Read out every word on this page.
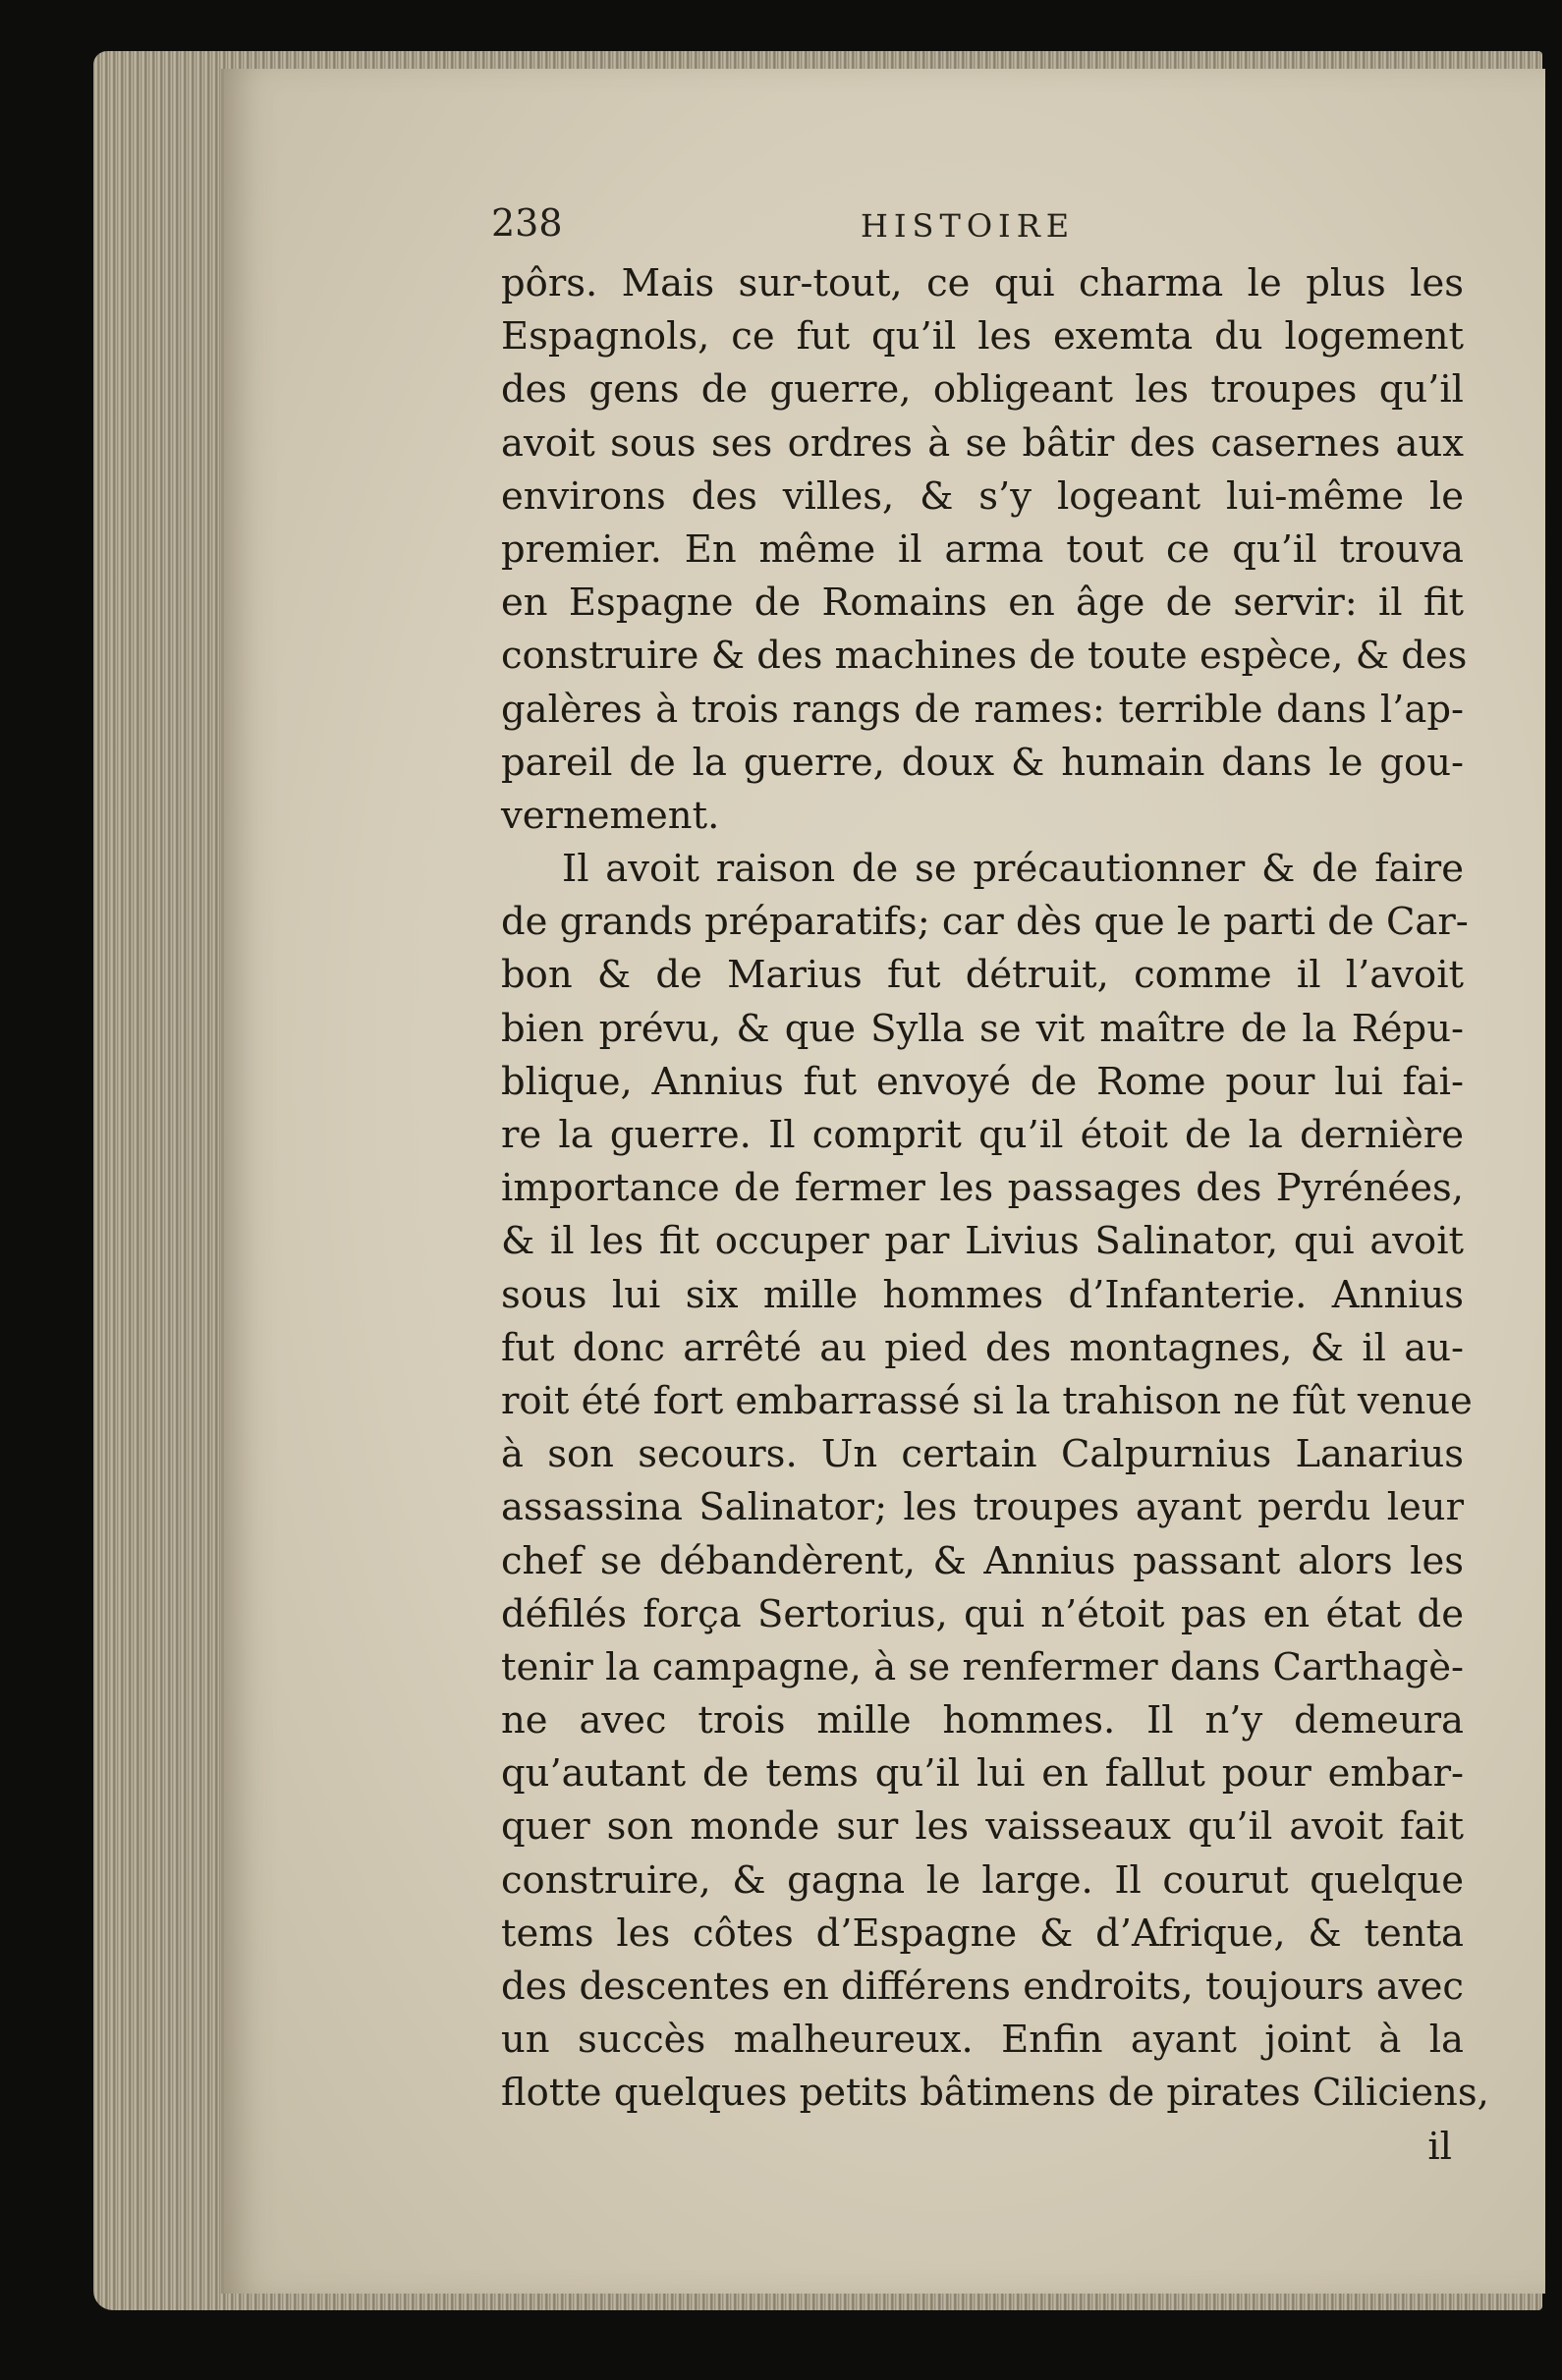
238	HISTOIRE
pôrs. Mais sur-tout, ce qui charma le plus les
Espagnols, ce fut qu’il les exemta du logement
des gens de guerre, obligeant les troupes qu’il
avoit sous ses ordres à se bâtir des casernes aux
environs des villes, & s’y logeant lui-même le
premier. En même il arma tout ce qu’il trouva
en Espagne de Romains en âge de servir: il fit
construire & des machines de toute espèce, & des
galères à trois rangs de rames: terrible dans l’ap-
pareil de la guerre, doux & humain dans le gou-
vernement.
Il avoit raison de se précautionner & de faire
de grands préparatifs; car dès que le parti de Car-
bon & de Marius fut détruit, comme il l’avoit
bien prévu, & que Sylla se vit maître de la Répu-
blique, Annius fut envoyé de Rome pour lui fai-
re la guerre. Il comprit qu’il étoit de la dernière
importance de fermer les passages des Pyrénées,
& il les fit occuper par Livius Salinator, qui avoit
sous lui six mille hommes d’Infanterie. Annius
fut donc arrêté au pied des montagnes, & il au-
roit été fort embarrassé si la trahison ne fût venue
à son secours. Un certain Calpurnius Lanarius
assassina Salinator; les troupes ayant perdu leur
chef se débandèrent, & Annius passant alors les
défilés força Sertorius, qui n’étoit pas en état de
tenir la campagne, à se renfermer dans Carthagè-
ne avec trois mille hommes. Il n’y demeura
qu’autant de tems qu’il lui en fallut pour embar-
quer son monde sur les vaisseaux qu’il avoit fait
construire, & gagna le large. Il courut quelque
tems les côtes d’Espagne & d’Afrique, & tenta
des descentes en différens endroits, toujours avec
un succès malheureux. Enfin ayant joint à la
flotte quelques petits bâtimens de pirates Ciliciens,
il
